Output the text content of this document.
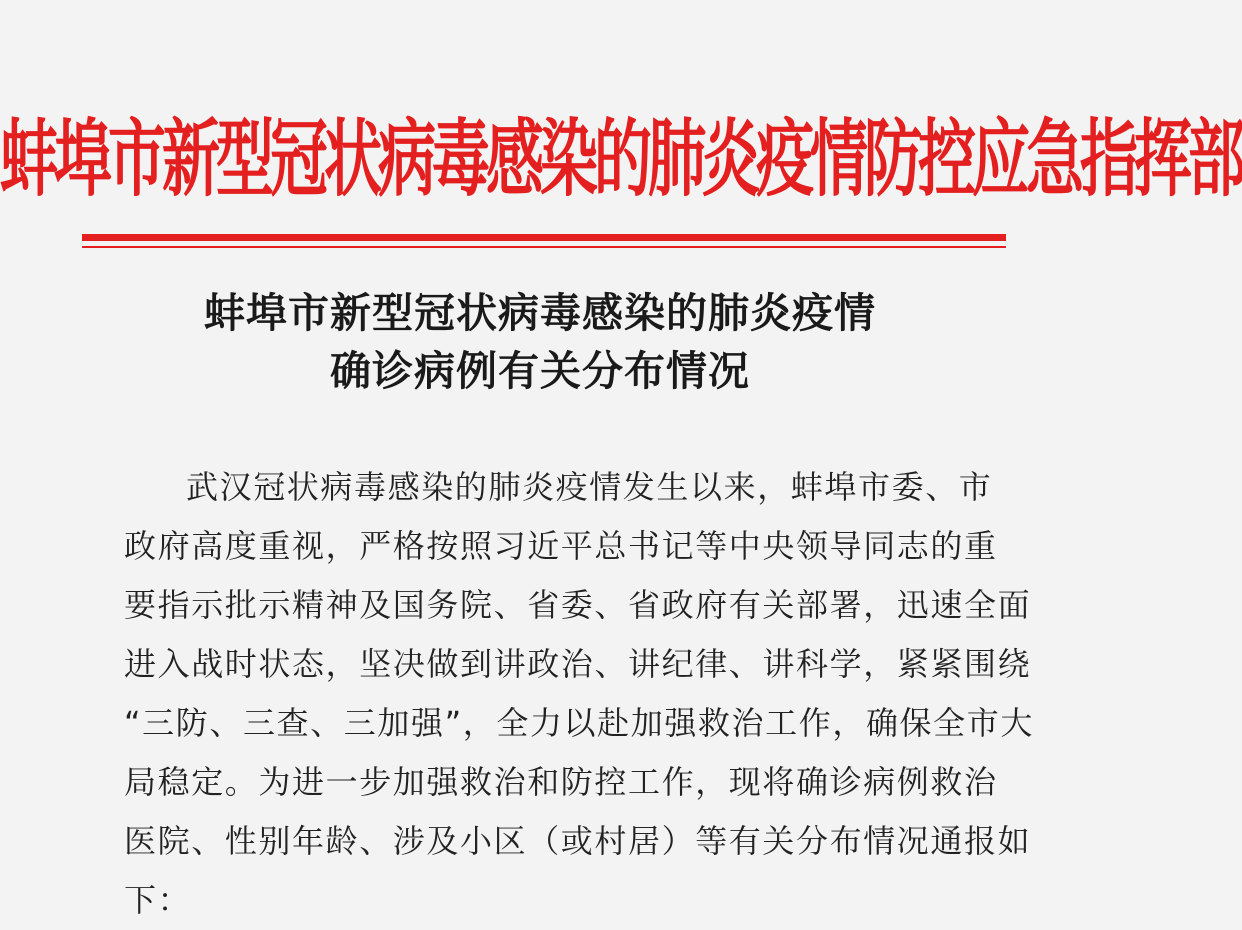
蚌埠市新型冠状病毒感染的肺炎疫情防控应急指挥部
蚌埠市新型冠状病毒感染的肺炎疫情
确诊病例有关分布情况
武汉冠状病毒感染的肺炎疫情发生以来，蚌埠市委、市
政府高度重视，严格按照习近平总书记等中央领导同志的重
要指示批示精神及国务院、省委、省政府有关部署，迅速全面
进入战时状态，坚决做到讲政治、讲纪律、讲科学，紧紧围绕
“三防、三查、三加强”，全力以赴加强救治工作，确保全市大
局稳定。为进一步加强救治和防控工作，现将确诊病例救治
医院、性别年龄、涉及小区（或村居）等有关分布情况通报如
下：
